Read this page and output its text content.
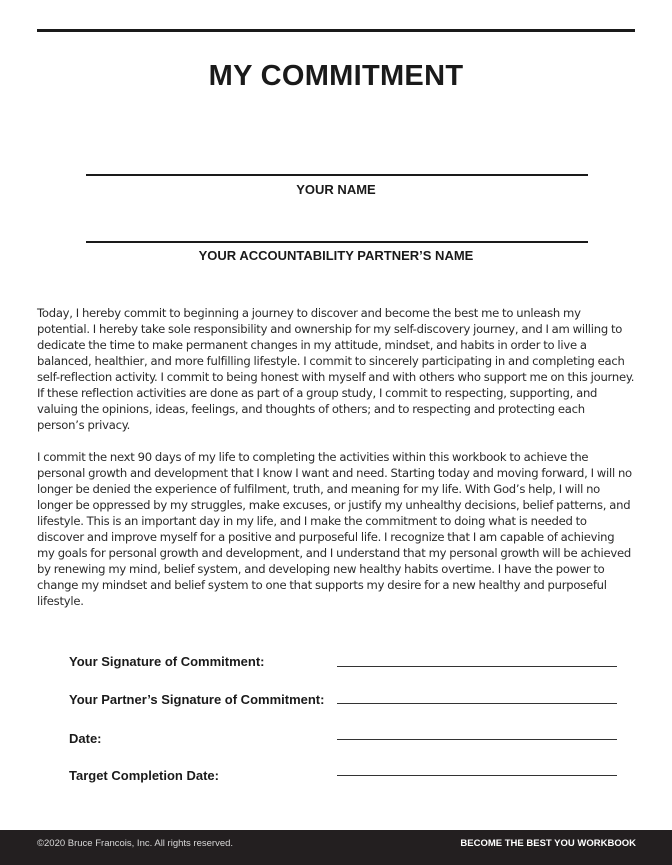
MY COMMITMENT
YOUR NAME
YOUR ACCOUNTABILITY PARTNER’S NAME

Today, I hereby commit to beginning a journey to discover and become the best me to unleash my potential. I hereby take sole responsibility and ownership for my self-discovery journey, and I am willing to dedicate the time to make permanent changes in my attitude, mindset, and habits in order to live a balanced, healthier, and more fulfilling lifestyle. I commit to sincerely participating in and completing each self-reflection activity. I commit to being honest with myself and with others who support me on this journey. If these reflection activities are done as part of a group study, I commit to respecting, supporting, and valuing the opinions, ideas, feelings, and thoughts of others; and to respecting and protecting each person’s privacy.

I commit the next 90 days of my life to completing the activities within this workbook to achieve the personal growth and development that I know I want and need. Starting today and moving forward, I will no longer be denied the experience of fulfilment, truth, and meaning for my life. With God’s help, I will no longer be oppressed by my struggles, make excuses, or justify my unhealthy decisions, belief patterns, and lifestyle. This is an important day in my life, and I make the commitment to doing what is needed to discover and improve myself for a positive and purposeful life. I recognize that I am capable of achieving my goals for personal growth and development, and I understand that my personal growth will be achieved by renewing my mind, belief system, and developing new healthy habits overtime. I have the power to change my mindset and belief system to one that supports my desire for a new healthy and purposeful lifestyle.

Your Signature of Commitment:
Your Partner’s Signature of Commitment:
Date:
Target Completion Date:
©2020 Bruce Francois, Inc. All rights reserved.	BECOME THE BEST YOU WORKBOOK
